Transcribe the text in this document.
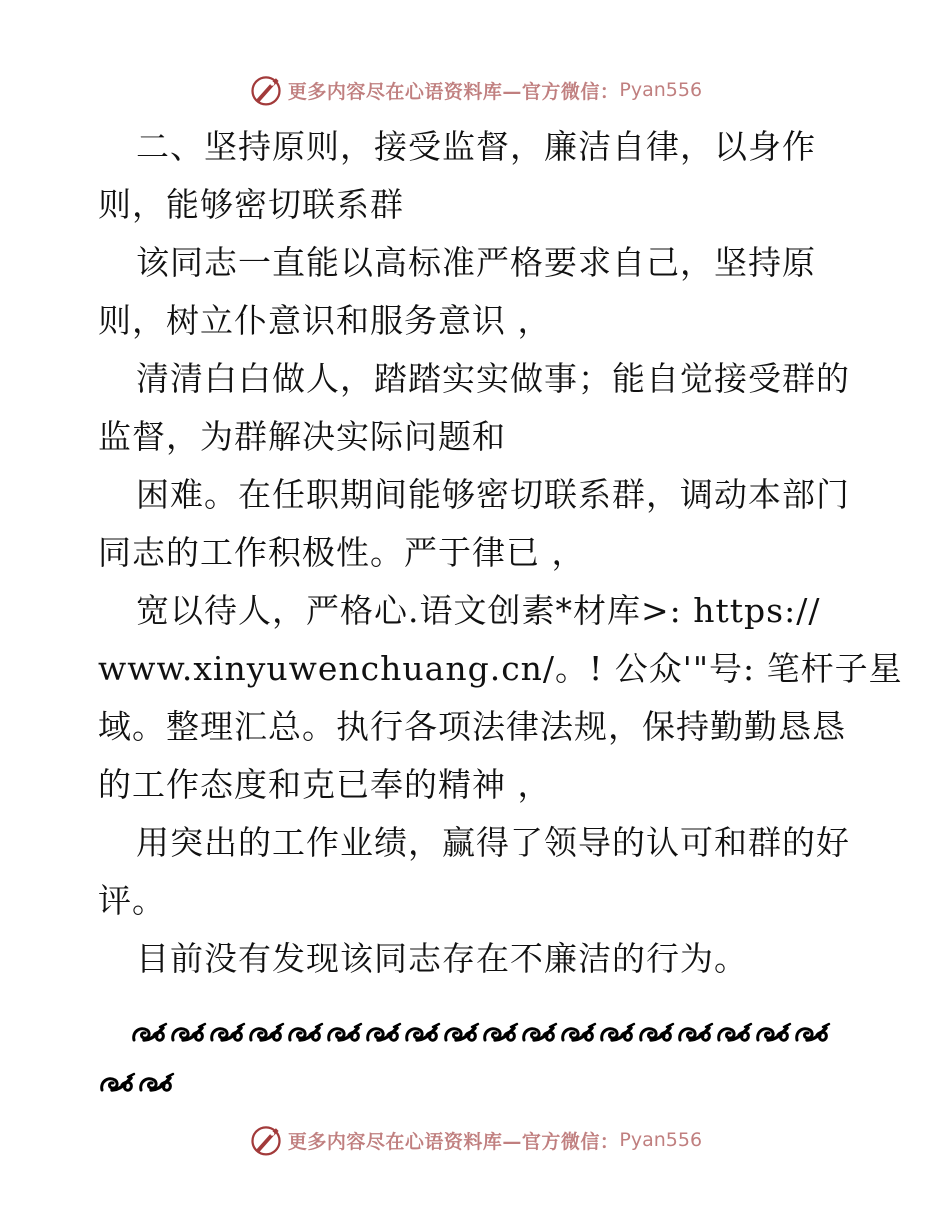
更多内容尽在心语资料库—官方微信： Pyan556

二、坚持原则，接受监督，廉洁自律，以身作
则，能够密切联系群

该同志一直能以高标准严格要求自己，坚持原
则，树立仆意识和服务意识 ，

清清白白做人，踏踏实实做事；能自觉接受群的
监督，为群解决实际问题和

困难。在任职期间能够密切联系群，调动本部门
同志的工作积极性。严于律已 ，

宽以待人，严格心.语文创素*材库>: https://
www.xinyuwenchuang.cn/。! 公众'"号: 笔杆子星
域。整理汇总。执行各项法律法规，保持勤勤恳恳
的工作态度和克已奉的精神 ，

用突出的工作业绩，赢得了领导的认可和群的好
评。

目前没有发现该同志存在不廉洁的行为。

更多内容尽在心语资料库—官方微信： Pyan556
